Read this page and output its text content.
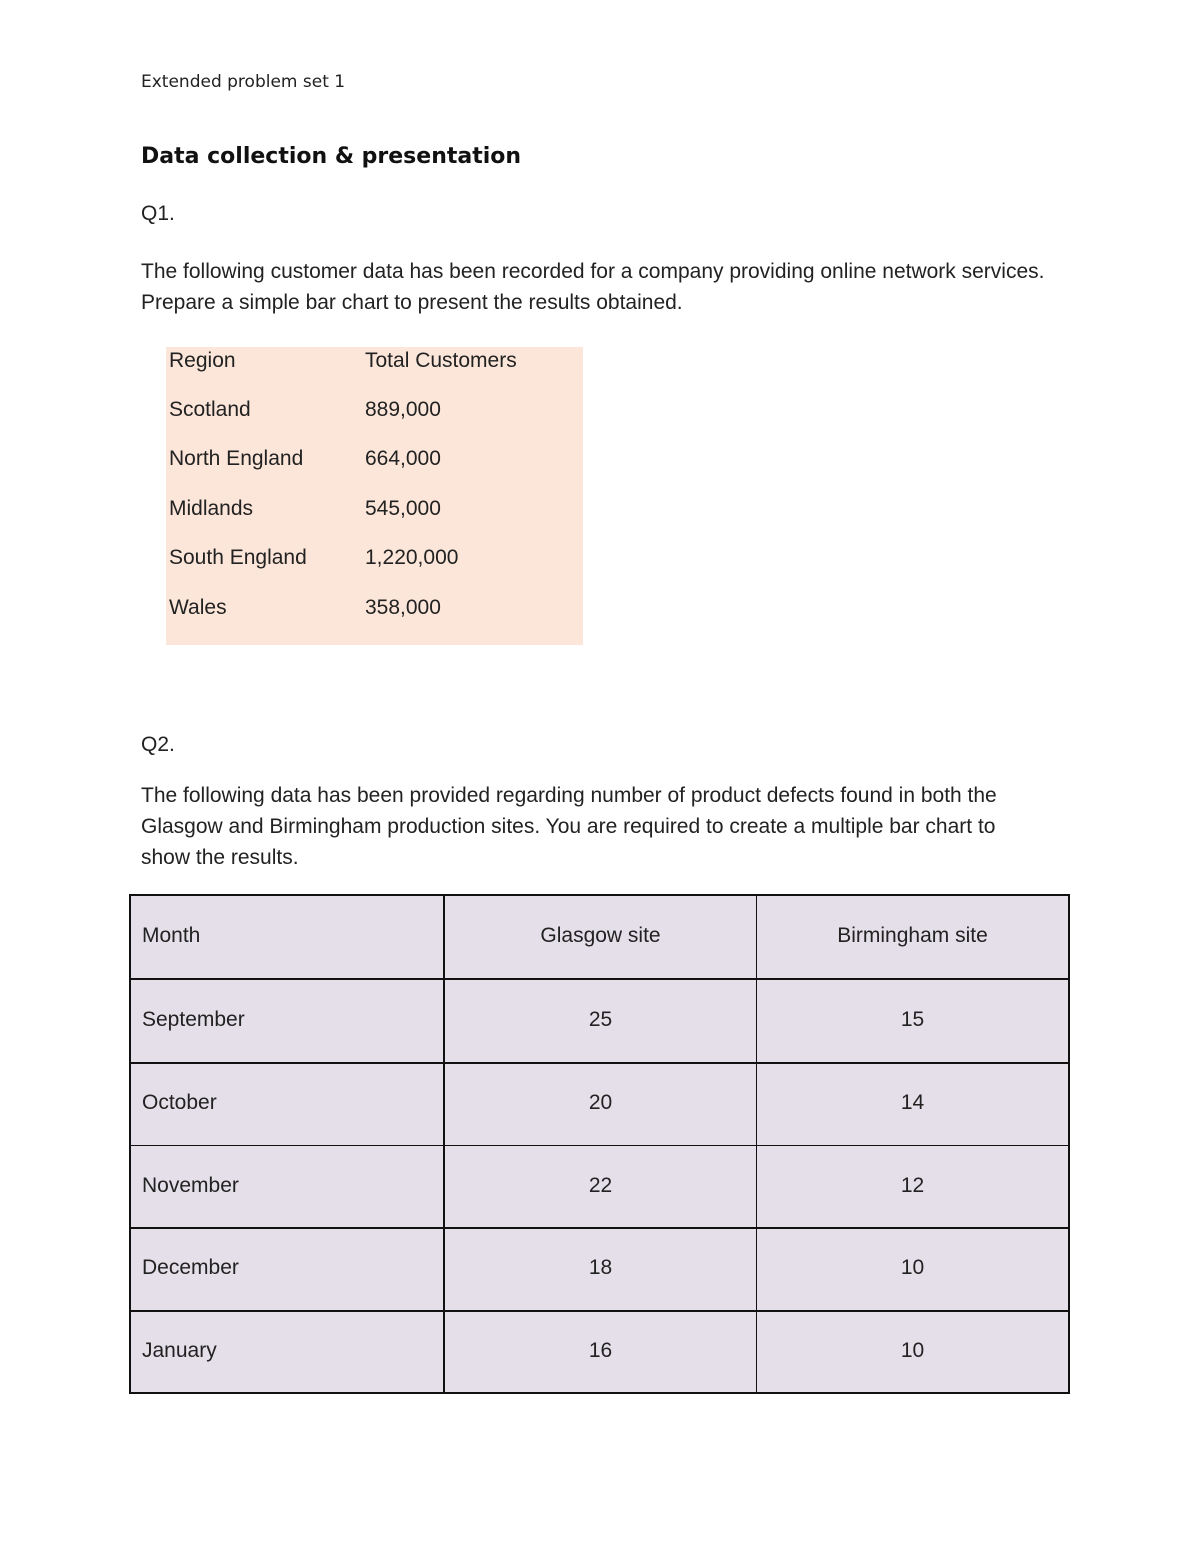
Extended problem set 1
Data collection & presentation
Q1.
The following customer data has been recorded for a company providing online network services. Prepare a simple bar chart to present the results obtained.
Region	Total Customers
Scotland	889,000
North England	664,000
Midlands	545,000
South England	1,220,000
Wales	358,000
Q2.
The following data has been provided regarding number of product defects found in both the Glasgow and Birmingham production sites. You are required to create a multiple bar chart to show the results.
Month	Glasgow site	Birmingham site
September	25	15
October	20	14
November	22	12
December	18	10
January	16	10
